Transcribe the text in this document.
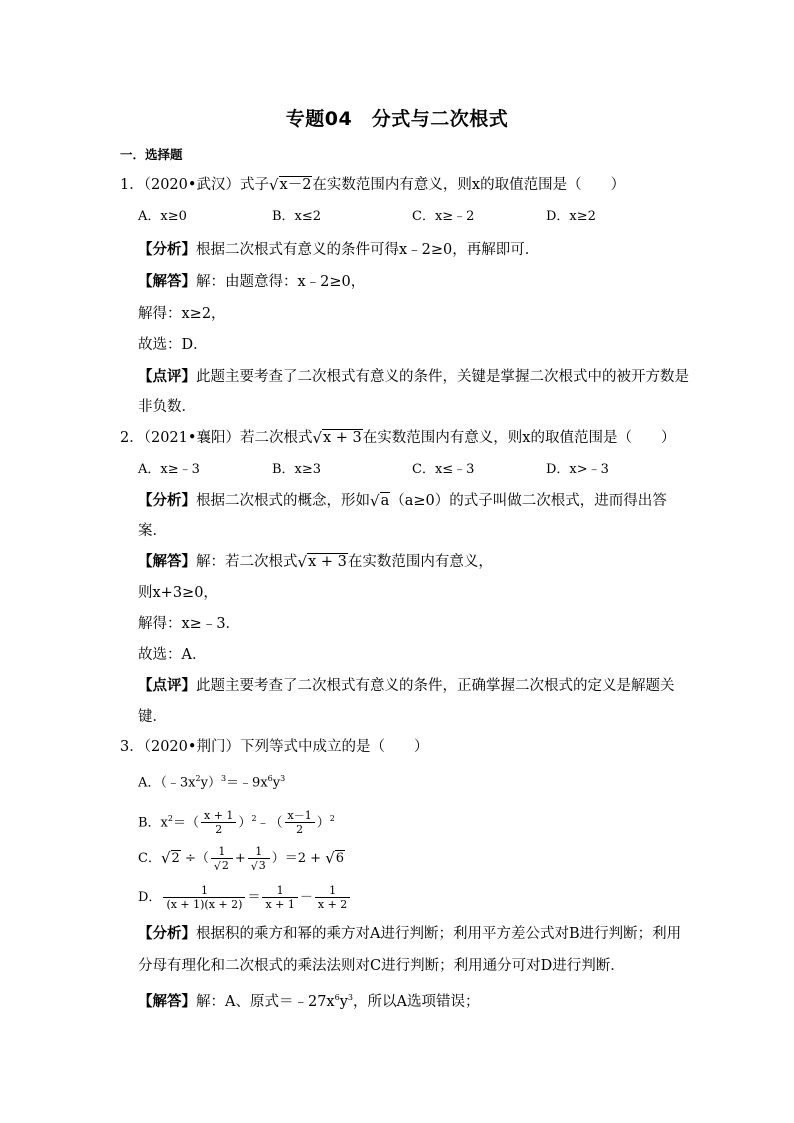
专题04　分式与二次根式
一．选择题
1．（2020•武汉）式子√x－2在实数范围内有意义，则x的取值范围是（　　）
A．x≥0	B．x≤2	C．x≥﹣2	D．x≥2
【分析】根据二次根式有意义的条件可得x﹣2≥0，再解即可．
【解答】解：由题意得：x﹣2≥0，
解得：x≥2，
故选：D．
【点评】此题主要考查了二次根式有意义的条件，关键是掌握二次根式中的被开方数是
非负数．
2．（2021•襄阳）若二次根式√x + 3在实数范围内有意义，则x的取值范围是（　　）
A．x≥﹣3	B．x≥3	C．x≤﹣3	D．x>﹣3
【分析】根据二次根式的概念，形如√a（a≥0）的式子叫做二次根式，进而得出答
案．
【解答】解：若二次根式√x + 3在实数范围内有意义，
则x+3≥0，
解得：x≥﹣3．
故选：A．
【点评】此题主要考查了二次根式有意义的条件，正确掌握二次根式的定义是解题关
键．
3．（2020•荆门）下列等式中成立的是（　　）
A．$(﹣3x^2y)^3=﹣9x^6y^3$
B．$x^2=( \frac{x + 1}{2}$ ）$^2﹣( \frac{x-1}{2} )^2$
C．√2 ÷（ $\frac{1}{√2} + \frac{1}{√3} )=2 + √6$
D． $\frac{1}{(x + 1)(x + 2)} = \frac{1}{x + 1} - \frac{1}{x + 2}$
【分析】根据积的乘方和幂的乘方对A进行判断；利用平方差公式对B进行判断；利用
分母有理化和二次根式的乘法法则对C进行判断；利用通分可对D进行判断．
【解答】解：A、原式$=﹣27x^6y^3$，所以A选项错误；
